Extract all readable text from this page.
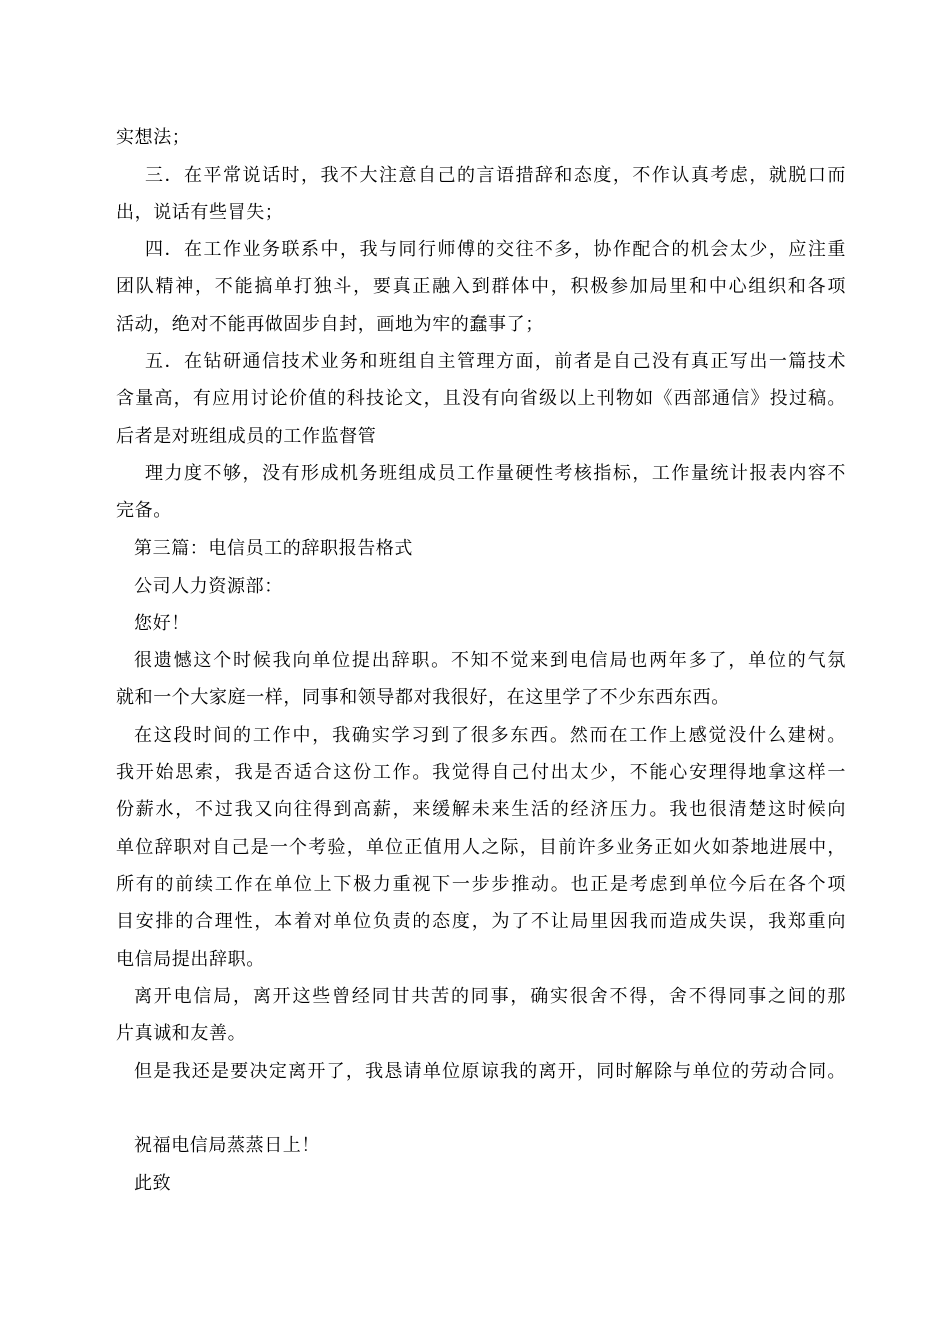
实想法；
三．在平常说话时，我不大注意自己的言语措辞和态度，不作认真考虑，就脱口而
出，说话有些冒失；
四．在工作业务联系中，我与同行师傅的交往不多，协作配合的机会太少，应注重
团队精神，不能搞单打独斗，要真正融入到群体中，积极参加局里和中心组织和各项
活动，绝对不能再做固步自封，画地为牢的蠢事了；
五．在钻研通信技术业务和班组自主管理方面，前者是自己没有真正写出一篇技术
含量高，有应用讨论价值的科技论文，且没有向省级以上刊物如《西部通信》投过稿。
后者是对班组成员的工作监督管
理力度不够，没有形成机务班组成员工作量硬性考核指标，工作量统计报表内容不
完备。
第三篇：电信员工的辞职报告格式
公司人力资源部：
您好！
很遗憾这个时候我向单位提出辞职。不知不觉来到电信局也两年多了，单位的气氛
就和一个大家庭一样，同事和领导都对我很好，在这里学了不少东西东西。
在这段时间的工作中，我确实学习到了很多东西。然而在工作上感觉没什么建树。
我开始思索，我是否适合这份工作。我觉得自己付出太少，不能心安理得地拿这样一
份薪水，不过我又向往得到高薪，来缓解未来生活的经济压力。我也很清楚这时候向
单位辞职对自己是一个考验，单位正值用人之际，目前许多业务正如火如荼地进展中，
所有的前续工作在单位上下极力重视下一步步推动。也正是考虑到单位今后在各个项
目安排的合理性，本着对单位负责的态度，为了不让局里因我而造成失误，我郑重向
电信局提出辞职。
离开电信局，离开这些曾经同甘共苦的同事，确实很舍不得，舍不得同事之间的那
片真诚和友善。
但是我还是要决定离开了，我恳请单位原谅我的离开，同时解除与单位的劳动合同。
祝福电信局蒸蒸日上！
此致
